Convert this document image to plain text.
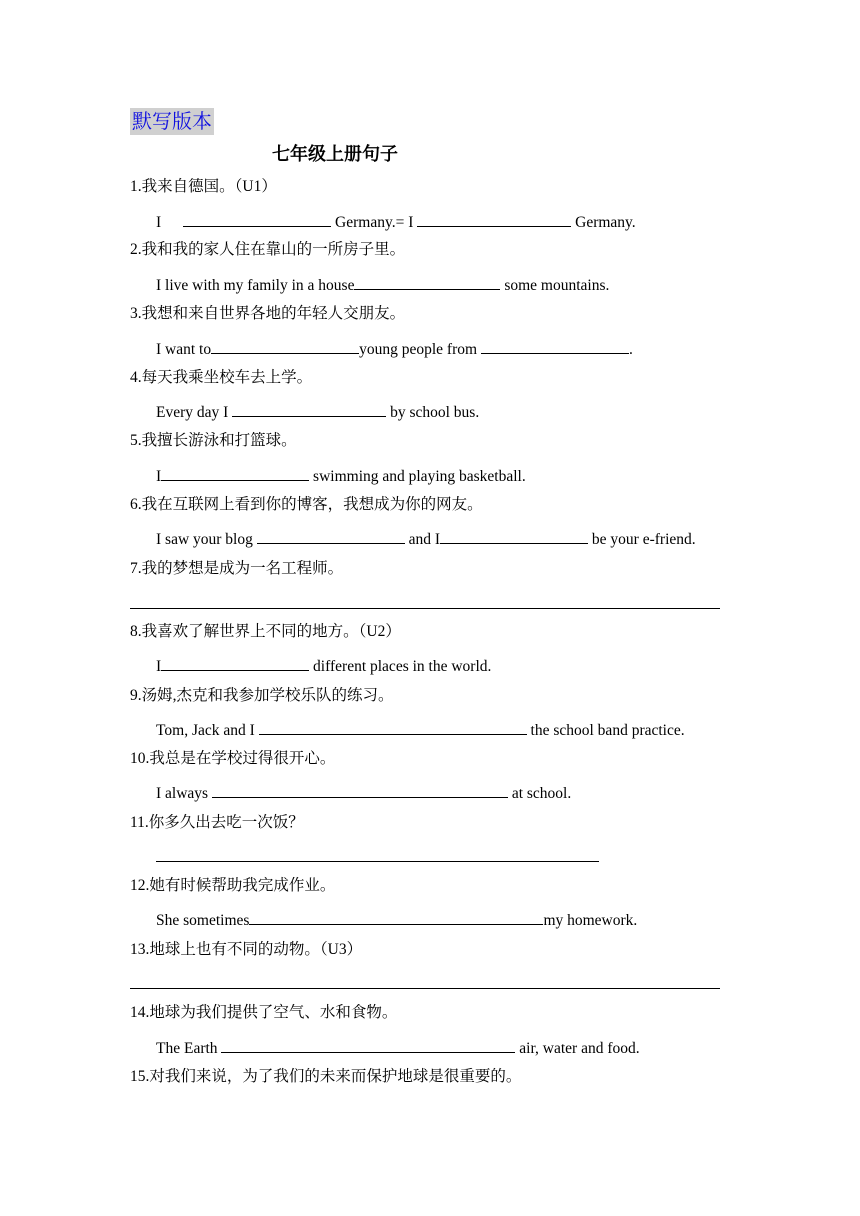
默写版本
七年级上册句子
1.我来自德国。（U1）
I	Germany.= I	Germany.
2.我和我的家人住在靠山的一所房子里。
I live with my family in a house	some mountains.
3.我想和来自世界各地的年轻人交朋友。
I want to	young people from	.
4.每天我乘坐校车去上学。
Every day I	by school bus.
5.我擅长游泳和打篮球。
I	swimming and playing basketball.
6.我在互联网上看到你的博客，我想成为你的网友。
I saw your blog	and I	be your e-friend.
7.我的梦想是成为一名工程师。
8.我喜欢了解世界上不同的地方。（U2）
I	different places in the world.
9.汤姆,杰克和我参加学校乐队的练习。
Tom, Jack and I	the school band practice.
10.我总是在学校过得很开心。
I always	at school.
11.你多久出去吃一次饭？
12.她有时候帮助我完成作业。
She sometimes	my homework.
13.地球上也有不同的动物。（U3）
14.地球为我们提供了空气、水和食物。
The Earth	air, water and food.
15.对我们来说，为了我们的未来而保护地球是很重要的。
